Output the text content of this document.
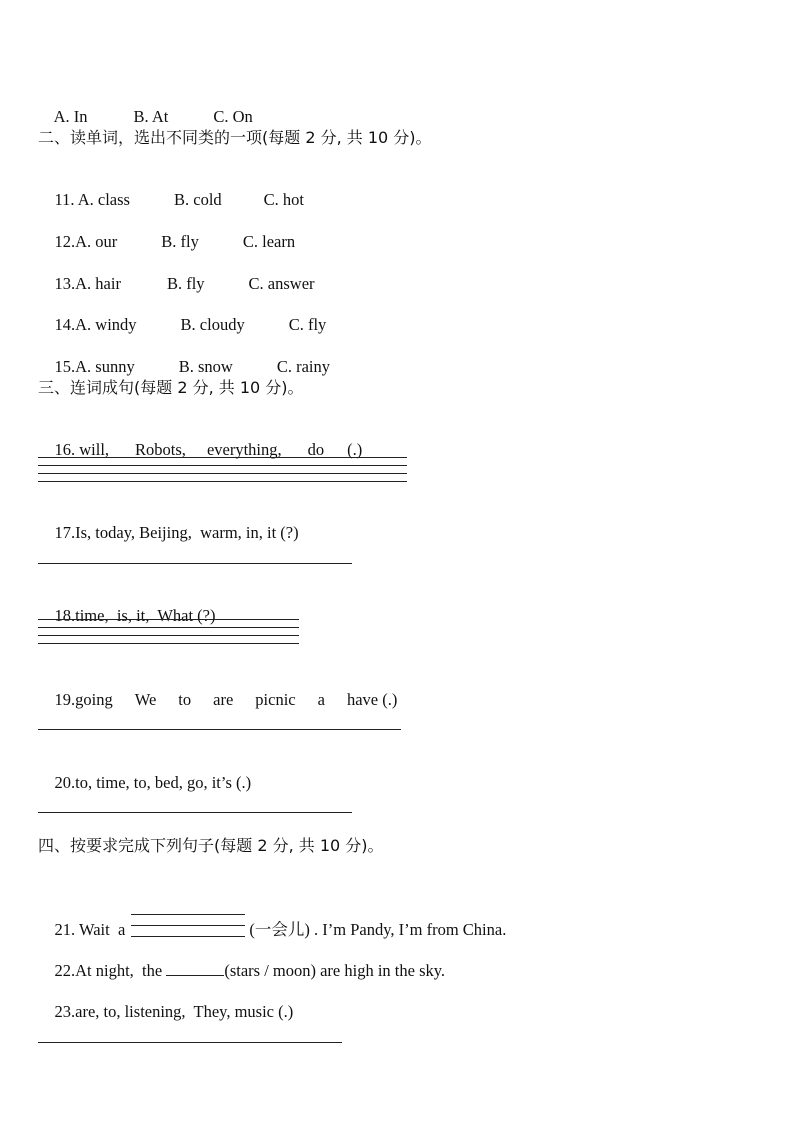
A. In	B. At	C. On

二、读单词，选出不同类的一项(每题 2 分, 共 10 分)。

11. A. class	B. cold	C. hot

12.A. our	B. fly	C. learn

13.A. hair	B. fly	C. answer

14.A. windy	B. cloudy	C. fly

15.A. sunny	B. snow	C. rainy

三、连词成句(每题 2 分, 共 10 分)。

16. will, Robots, everything, do (.)

17.Is, today, Beijing,  warm, in, it (?)

18.time,  is, it,  What (?)

19.going We to are picnic a have (.)

20.to, time, to, bed, go, it’s (.)

四、按要求完成下列句子(每题 2 分, 共 10 分)。

21. Wait  a	(一会儿) . I’m Pandy, I’m from China.

22.At night,  the	(stars / moon) are high in the sky.

23.are, to, listening,  They, music (.)
